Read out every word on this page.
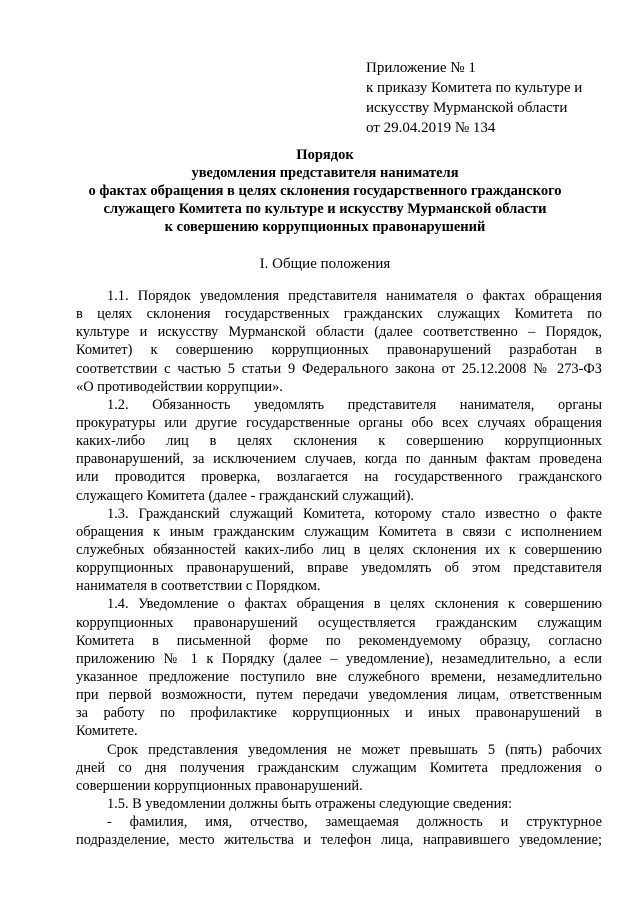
Приложение № 1
к приказу Комитета по культуре и
искусству Мурманской области
от 29.04.2019 № 134
Порядок
уведомления представителя нанимателя
о фактах обращения в целях склонения государственного гражданского
служащего Комитета по культуре и искусству Мурманской области
к совершению коррупционных правонарушений
I. Общие положения
1.1. Порядок уведомления представителя нанимателя о фактах обращения
в целях склонения государственных гражданских служащих Комитета по
культуре и искусству Мурманской области (далее соответственно – Порядок,
Комитет) к совершению коррупционных правонарушений разработан в
соответствии с частью 5 статьи 9 Федерального закона от 25.12.2008 № 273-ФЗ
«О противодействии коррупции».
1.2. Обязанность уведомлять представителя нанимателя, органы
прокуратуры или другие государственные органы обо всех случаях обращения
каких-либо лиц в целях склонения к совершению коррупционных
правонарушений, за исключением случаев, когда по данным фактам проведена
или проводится проверка, возлагается на государственного гражданского
служащего Комитета (далее - гражданский служащий).
1.3. Гражданский служащий Комитета, которому стало известно о факте
обращения к иным гражданским служащим Комитета в связи с исполнением
служебных обязанностей каких-либо лиц в целях склонения их к совершению
коррупционных правонарушений, вправе уведомлять об этом представителя
нанимателя в соответствии с Порядком.
1.4. Уведомление о фактах обращения в целях склонения к совершению
коррупционных правонарушений осуществляется гражданским служащим
Комитета в письменной форме по рекомендуемому образцу, согласно
приложению № 1 к Порядку (далее – уведомление), незамедлительно, а если
указанное предложение поступило вне служебного времени, незамедлительно
при первой возможности, путем передачи уведомления лицам, ответственным
за работу по профилактике коррупционных и иных правонарушений в
Комитете.
Срок представления уведомления не может превышать 5 (пять) рабочих
дней со дня получения гражданским служащим Комитета предложения о
совершении коррупционных правонарушений.
1.5. В уведомлении должны быть отражены следующие сведения:
- фамилия, имя, отчество, замещаемая должность и структурное
подразделение, место жительства и телефон лица, направившего уведомление;
